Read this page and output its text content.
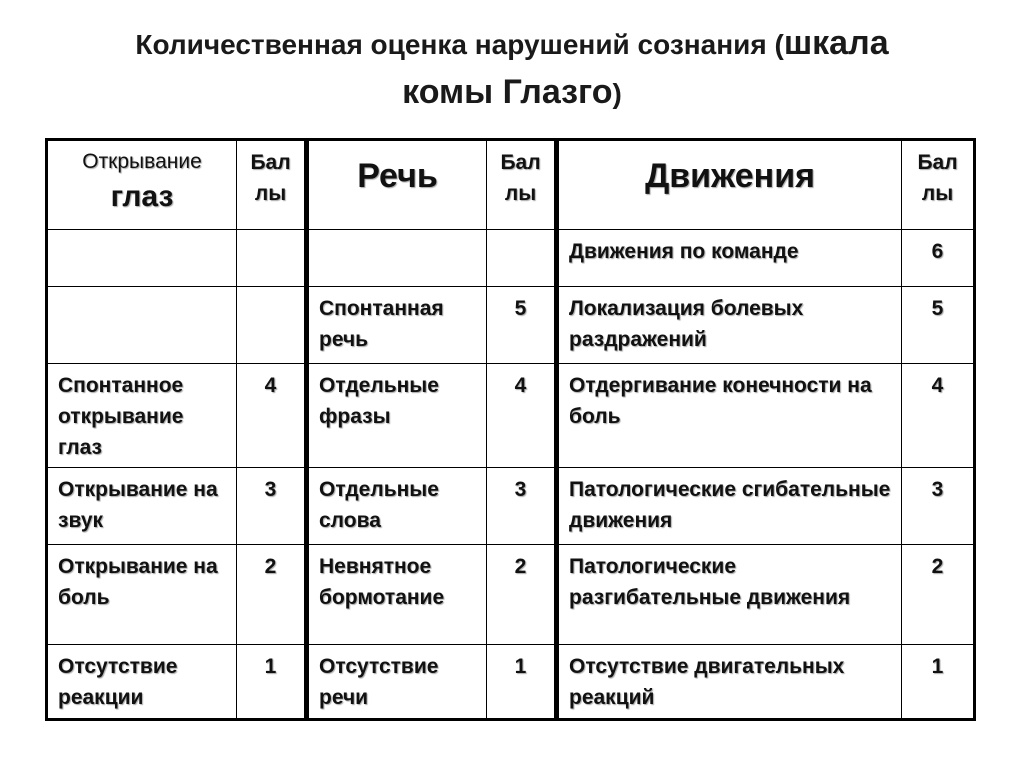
Количественная оценка нарушений сознания (шкала
комы Глазго)
Открывание
глаз	Бал лы	Речь	Бал лы	Движения	Бал лы
				Движения по команде	6
		Спонтанная речь	5	Локализация болевых раздражений	5
Спонтанное открывание глаз	4	Отдельные фразы	4	Отдергивание конечности на боль	4
Открывание на звук	3	Отдельные слова	3	Патологические сгибательные движения	3
Открывание на боль	2	Невнятное бормотание	2	Патологические разгибательные движения	2
Отсутствие реакции	1	Отсутствие речи	1	Отсутствие двигательных реакций	1
